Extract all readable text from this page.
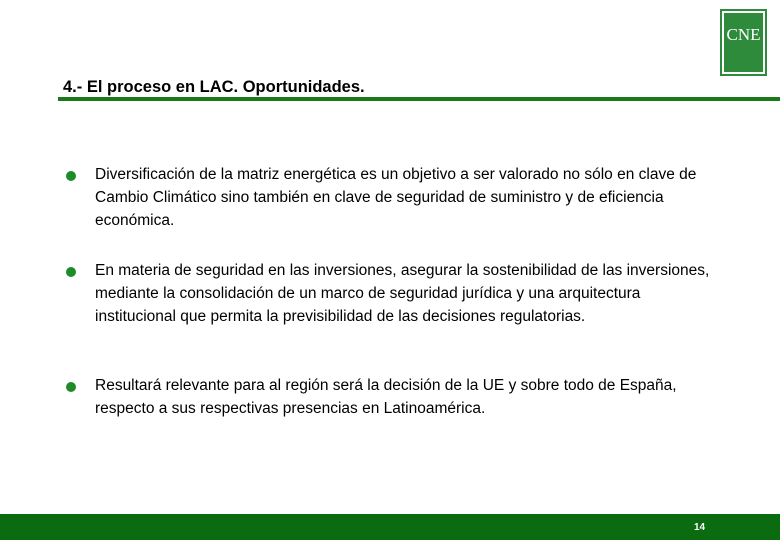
CNE
4.- El proceso en LAC. Oportunidades.
Diversificación de la matriz energética es un objetivo a ser valorado no sólo en clave de Cambio Climático sino también en clave de seguridad de suministro y de eficiencia económica.
En materia de seguridad en las inversiones, asegurar la sostenibilidad de las inversiones, mediante la consolidación de un marco de seguridad jurídica y una arquitectura institucional que permita la previsibilidad de las decisiones regulatorias.
Resultará relevante para al región será la decisión de la UE y sobre todo de España, respecto a sus respectivas presencias en Latinoamérica.
14
